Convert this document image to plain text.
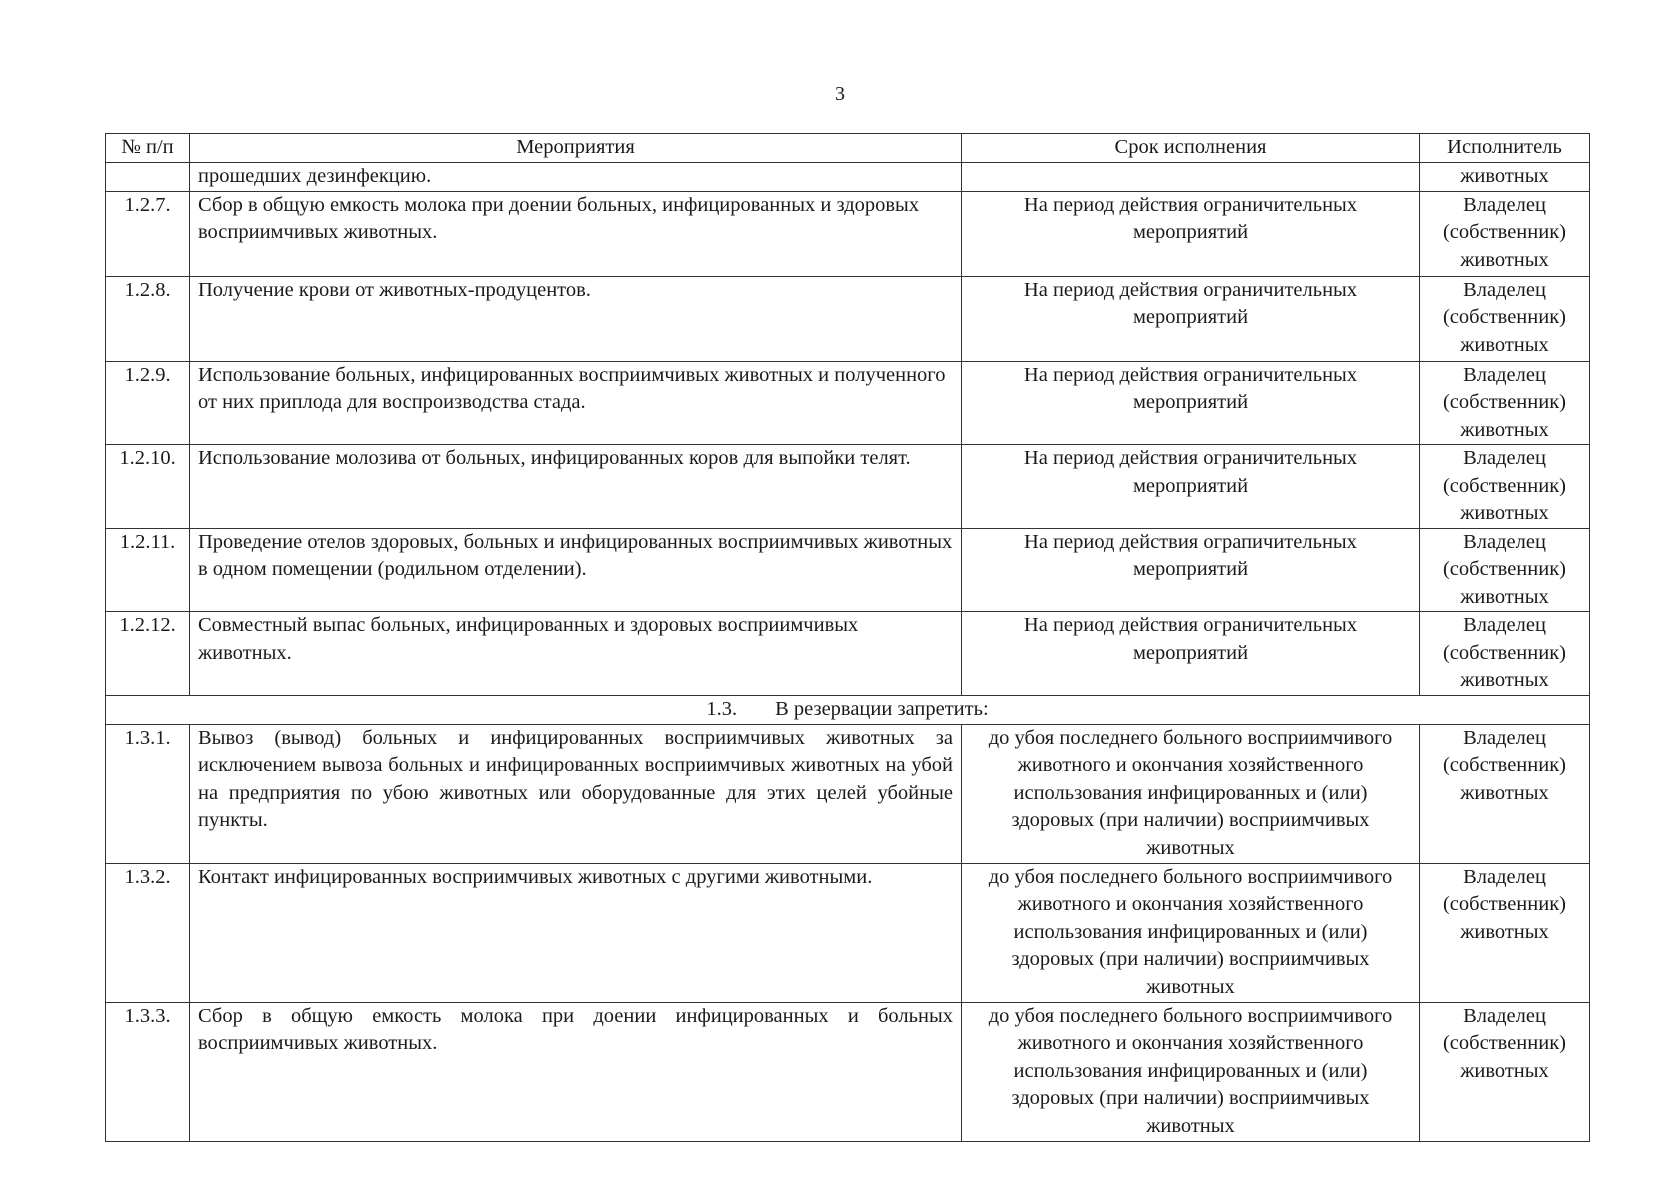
3
№ п/п	Мероприятия	Срок исполнения	Исполнитель
	прошедших дезинфекцию.		животных
1.2.7.	Сбор в общую емкость молока при доении больных, инфицированных и здоровых восприимчивых животных.	На период действия ограничительных мероприятий	Владелец (собственник) животных
1.2.8.	Получение крови от животных-продуцентов.	На период действия ограничительных мероприятий	Владелец (собственник) животных
1.2.9.	Использование больных, инфицированных восприимчивых животных и полученного от них приплода для воспроизводства стада.	На период действия ограничительных мероприятий	Владелец (собственник) животных
1.2.10.	Использование молозива от больных, инфицированных коров для выпойки телят.	На период действия ограничительных мероприятий	Владелец (собственник) животных
1.2.11.	Проведение отелов здоровых, больных и инфицированных восприимчивых животных в одном помещении (родильном отделении).	На период действия ограпичительных мероприятий	Владелец (собственник) животных
1.2.12.	Совместный выпас больных, инфицированных и здоровых восприимчивых животных.	На период действия ограничительных мероприятий	Владелец (собственник) животных
1.3. В резервации запретить:			
1.3.1.	Вывоз (вывод) больных и инфицированных восприимчивых животных за исключением вывоза больных и инфицированных восприимчивых животных на убой на предприятия по убою животных или оборудованные для этих целей убойные пункты.	до убоя последнего больного восприимчивого животного и окончания хозяйственного использования инфицированных и (или) здоровых (при наличии) восприимчивых животных	Владелец (собственник) животных
1.3.2.	Контакт инфицированных восприимчивых животных с другими животными.	до убоя последнего больного восприимчивого животного и окончания хозяйственного использования инфицированных и (или) здоровых (при наличии) восприимчивых животных	Владелец (собственник) животных
1.3.3.	Сбор в общую емкость молока при доении инфицированных и больных восприимчивых животных.	до убоя последнего больного восприимчивого животного и окончания хозяйственного использования инфицированных и (или) здоровых (при наличии) восприимчивых животных	Владелец (собственник) животных
